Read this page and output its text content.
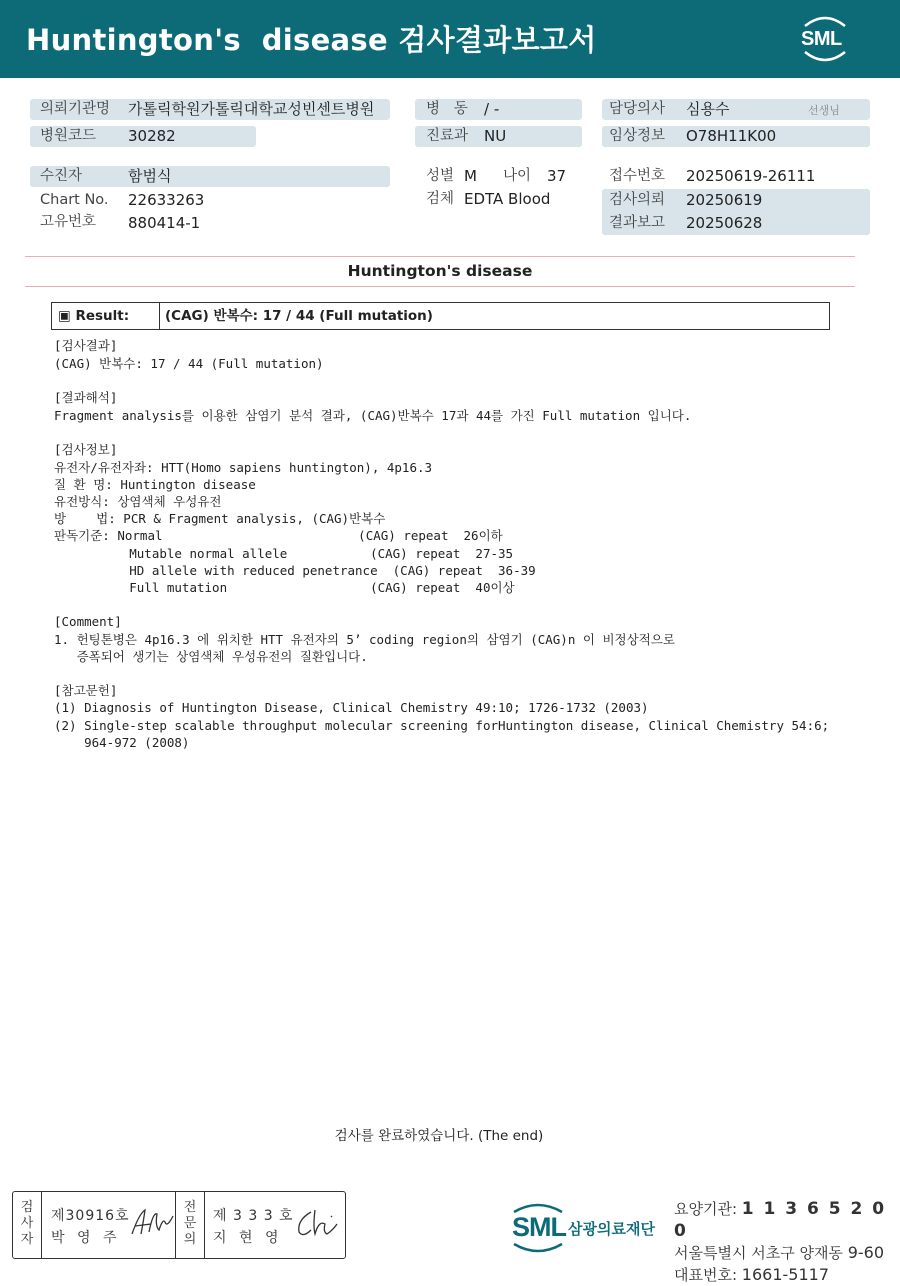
Huntington's  disease 검사결과보고서	SML
의뢰기관명 가톨릭학원가톨릭대학교성빈센트병원
병원코드 30282
수진자	함범식
Chart No. 22633263
고유번호 880414-1
병   동 / -
진료과 NU
성별 M 나이 37
검체 EDTA Blood
담당의사 심용수	선생님
임상정보 O78H11K00
접수번호 20250619-26111
검사의뢰 20250619
결과보고 20250628
Huntington's disease
▣ Result:	(CAG) 반복수: 17 / 44 (Full mutation)
[검사결과]
(CAG) 반복수: 17 / 44 (Full mutation)
[결과해석]
Fragment analysis를 이용한 삼염기 분석 결과, (CAG)반복수 17과 44를 가진 Full mutation 입니다.
[검사정보]
유전자/유전자좌: HTT(Homo sapiens huntington), 4p16.3
질 환 명: Huntington disease
유전방식: 상염색체 우성유전
방    법: PCR & Fragment analysis, (CAG)반복수
판독기준: Normal                          (CAG) repeat  26이하
Mutable normal allele           (CAG) repeat  27-35
HD allele with reduced penetrance  (CAG) repeat  36-39
Full mutation                   (CAG) repeat  40이상
[Comment]
1. 헌팅톤병은 4p16.3 에 위치한 HTT 유전자의 5’ coding region의 삼염기 (CAG)n 이 비정상적으로
증폭되어 생기는 상염색체 우성유전의 질환입니다.
[참고문헌]
(1) Diagnosis of Huntington Disease, Clinical Chemistry 49:10; 1726-1732 (2003)
(2) Single-step scalable throughput molecular screening forHuntington disease, Clinical Chemistry 54:6;
964-972 (2008)
검사를 완료하였습니다. (The end)
검
사
자
제30916호
박 영 주
전
문
의
제 3 3 3 호
지 현 영	SML 삼광의료재단
요양기관: 1 1 3 6 5 2 0 0
서울특별시 서초구 양재동 9-60
대표번호: 1661-5117
